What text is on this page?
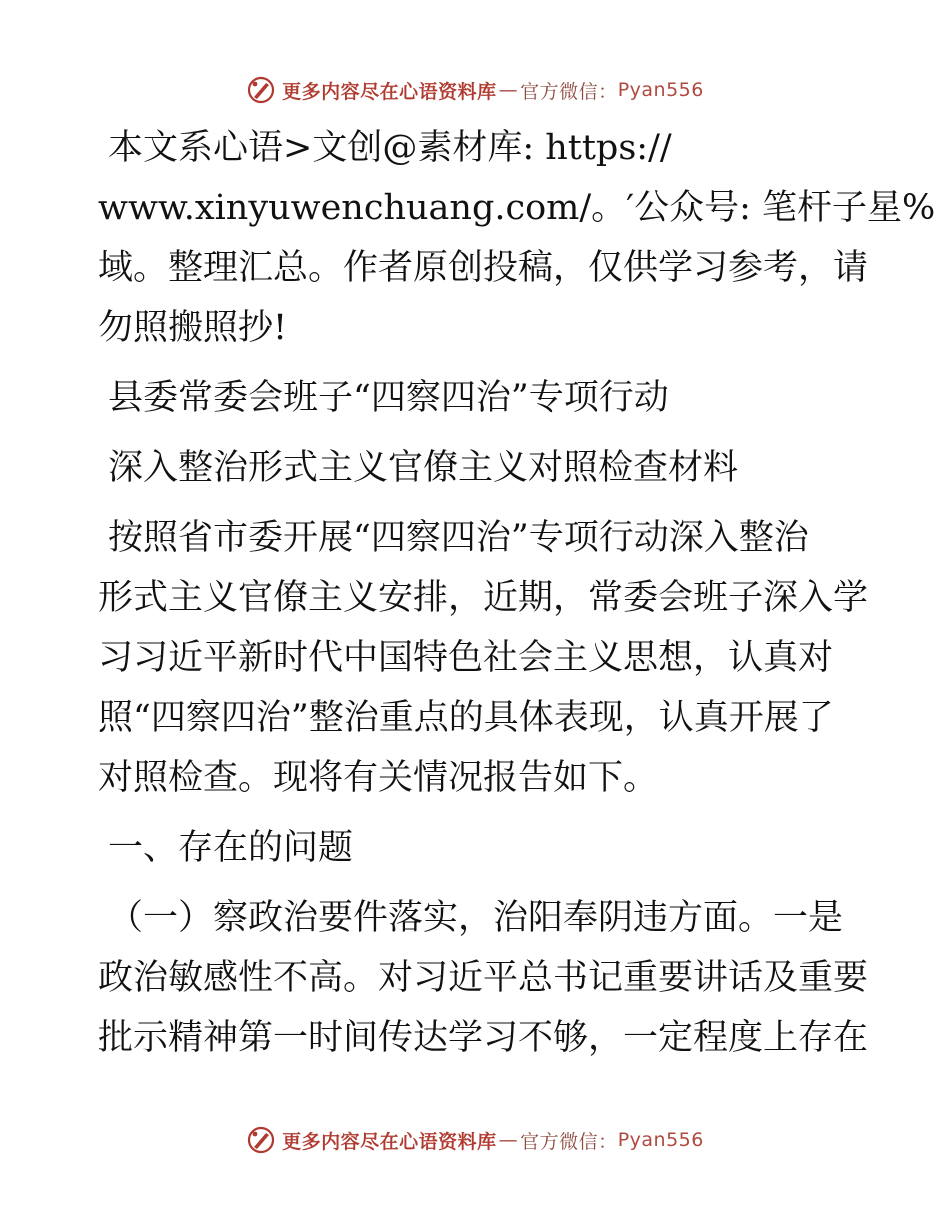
更多内容尽在心语资料库 — 官方微信： Pyan556

本文系心语>文创@素材库: https://

www.xinyuwenchuang.com/。′公众号: 笔杆子星%

域。整理汇总。作者原创投稿，仅供学习参考，请

勿照搬照抄!

县委常委会班子“四察四治”专项行动

深入整治形式主义官僚主义对照检查材料

按照省市委开展“四察四治”专项行动深入整治

形式主义官僚主义安排，近期，常委会班子深入学

习习近平新时代中国特色社会主义思想，认真对

照“四察四治”整治重点的具体表现，认真开展了

对照检查。现将有关情况报告如下。

一、存在的问题

（一）察政治要件落实，治阳奉阴违方面。一是

政治敏感性不高。对习近平总书记重要讲话及重要

批示精神第一时间传达学习不够，一定程度上存在

更多内容尽在心语资料库 — 官方微信： Pyan556
